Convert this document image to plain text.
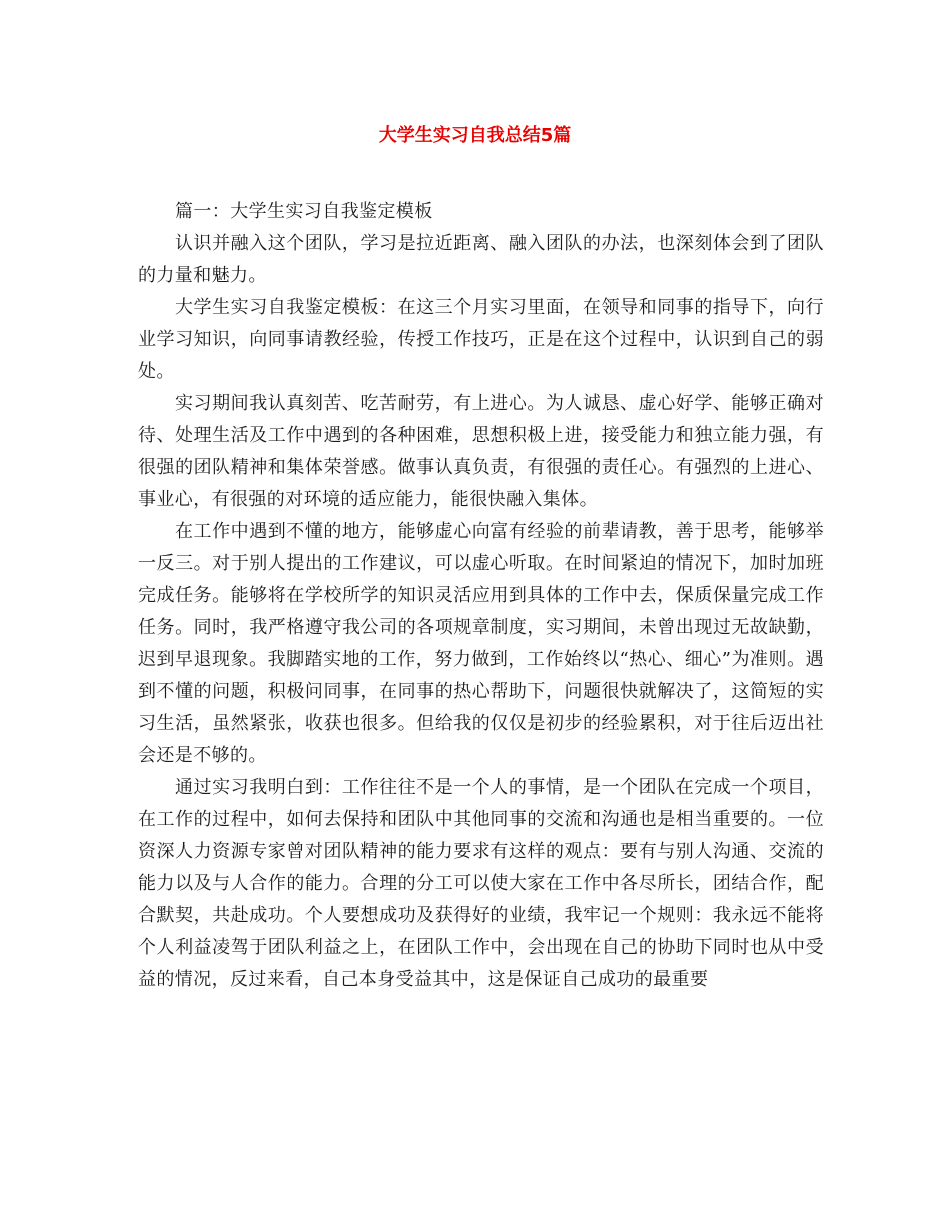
大学生实习自我总结5篇

篇一：大学生实习自我鉴定模板

认识并融入这个团队，学习是拉近距离、融入团队的办法，也深刻体会到了团队的力量和魅力。

大学生实习自我鉴定模板：在这三个月实习里面，在领导和同事的指导下，向行业学习知识，向同事请教经验，传授工作技巧，正是在这个过程中，认识到自己的弱处。

实习期间我认真刻苦、吃苦耐劳，有上进心。为人诚恳、虚心好学、能够正确对待、处理生活及工作中遇到的各种困难，思想积极上进，接受能力和独立能力强，有很强的团队精神和集体荣誉感。做事认真负责，有很强的责任心。有强烈的上进心、事业心，有很强的对环境的适应能力，能很快融入集体。

在工作中遇到不懂的地方，能够虚心向富有经验的前辈请教，善于思考，能够举一反三。对于别人提出的工作建议，可以虚心听取。在时间紧迫的情况下，加时加班完成任务。能够将在学校所学的知识灵活应用到具体的工作中去，保质保量完成工作任务。同时，我严格遵守我公司的各项规章制度，实习期间，未曾出现过无故缺勤，迟到早退现象。我脚踏实地的工作，努力做到，工作始终以“热心、细心”为准则。遇到不懂的问题，积极问同事，在同事的热心帮助下，问题很快就解决了，这简短的实习生活，虽然紧张，收获也很多。但给我的仅仅是初步的经验累积，对于往后迈出社会还是不够的。

通过实习我明白到：工作往往不是一个人的事情，是一个团队在完成一个项目，在工作的过程中，如何去保持和团队中其他同事的交流和沟通也是相当重要的。一位资深人力资源专家曾对团队精神的能力要求有这样的观点：要有与别人沟通、交流的能力以及与人合作的能力。合理的分工可以使大家在工作中各尽所长，团结合作，配合默契，共赴成功。个人要想成功及获得好的业绩，我牢记一个规则：我永远不能将个人利益凌驾于团队利益之上，在团队工作中，会出现在自己的协助下同时也从中受益的情况，反过来看，自己本身受益其中，这是保证自己成功的最重要
